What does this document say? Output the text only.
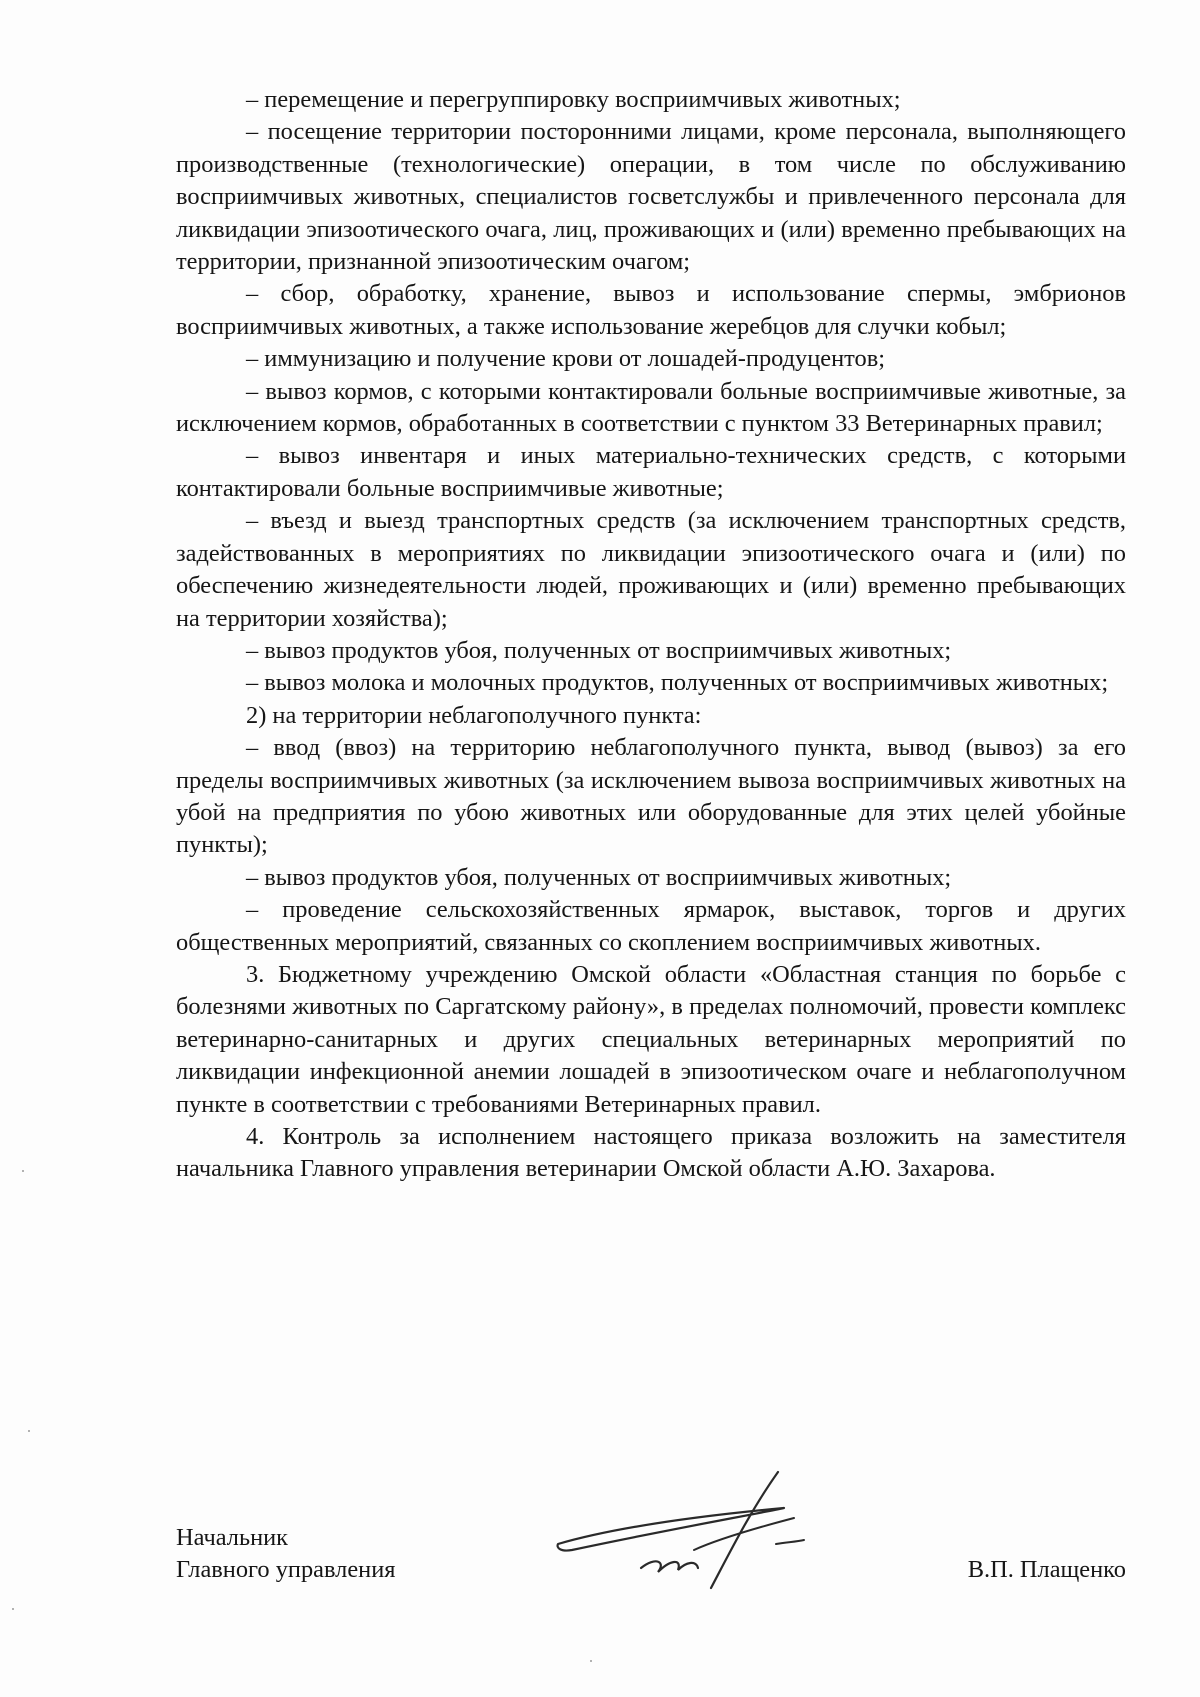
– перемещение и перегруппировку восприимчивых животных;

– посещение территории посторонними лицами, кроме персонала, выполняющего производственные (технологические) операции, в том числе по обслуживанию восприимчивых животных, специалистов госветслужбы и привлеченного персонала для ликвидации эпизоотического очага, лиц, проживающих и (или) временно пребывающих на территории, признанной эпизоотическим очагом;

– сбор, обработку, хранение, вывоз и использование спермы, эмбрионов восприимчивых животных, а также использование жеребцов для случки кобыл;

– иммунизацию и получение крови от лошадей-продуцентов;

– вывоз кормов, с которыми контактировали больные восприимчивые животные, за исключением кормов, обработанных в соответствии с пунктом 33 Ветеринарных правил;

– вывоз инвентаря и иных материально-технических средств, с которыми контактировали больные восприимчивые животные;

– въезд и выезд транспортных средств (за исключением транспортных средств, задействованных в мероприятиях по ликвидации эпизоотического очага и (или) по обеспечению жизнедеятельности людей, проживающих и (или) временно пребывающих на территории хозяйства);

– вывоз продуктов убоя, полученных от восприимчивых животных;

– вывоз молока и молочных продуктов, полученных от восприимчивых животных;

2) на территории неблагополучного пункта:

– ввод (ввоз) на территорию неблагополучного пункта, вывод (вывоз) за его пределы восприимчивых животных (за исключением вывоза восприимчивых животных на убой на предприятия по убою животных или оборудованные для этих целей убойные пункты);

– вывоз продуктов убоя, полученных от восприимчивых животных;

– проведение сельскохозяйственных ярмарок, выставок, торгов и других общественных мероприятий, связанных со скоплением восприимчивых животных.

3. Бюджетному учреждению Омской области «Областная станция по борьбе с болезнями животных по Саргатскому району», в пределах полномочий, провести комплекс ветеринарно-санитарных и других специальных ветеринарных мероприятий по ликвидации инфекционной анемии лошадей в эпизоотическом очаге и неблагополучном пункте в соответствии с требованиями Ветеринарных правил.

4. Контроль за исполнением настоящего приказа возложить на заместителя начальника Главного управления ветеринарии Омской области А.Ю. Захарова.

Начальник
Главного управления	В.П. Плащенко
